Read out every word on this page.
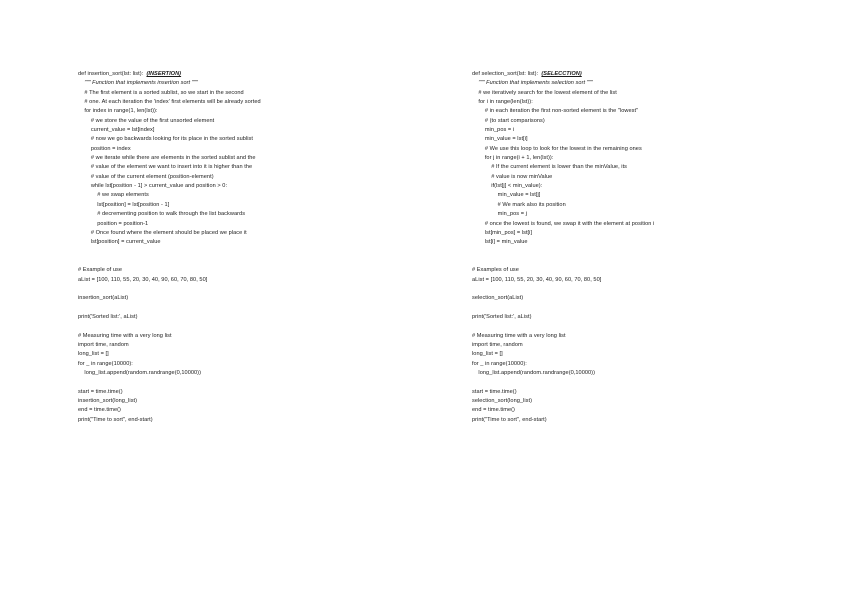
def insertion_sort(lst: list): (INSERTION)
""" Function that implements insertion sort """
# The first element is a sorted sublist, so we start in the second
# one. At each iteration the 'index' first elements will be already sorted
for index in range(1, len(lst)):
# we store the value of the first unsorted element
current_value = lst[index]
# now we go backwards looking for its place in the sorted sublist
position = index
# we iterate while there are elements in the sorted sublist and the
# value of the element we want to insert into it is higher than the
# value of the current element (position-element)
while lst[position - 1] > current_value and position > 0:
# we swap elements
lst[position] = lst[position - 1]
# decrementing position to walk through the list backwards
position = position-1
# Once found where the element should be placed we place it
lst[position] = current_value
# Example of use
aList = [100, 110, 55, 20, 30, 40, 90, 60, 70, 80, 50]
insertion_sort(aList)
print('Sorted list:', aList)
# Measuring time with a very long list
import time, random
long_list = []
for _ in range(10000):
long_list.append(random.randrange(0,10000))
start = time.time()
insertion_sort(long_list)
end = time.time()
print("Time to sort", end-start)
def selection_sort(lst: list): (SELECCTION)
""" Function that implements selection sort """
# we iteratively search for the lowest element of the list
for i in range(len(lst)):
# in each iteration the first non-sorted element is the "lowest"
# (to start comparisons)
min_pos = i
min_value = lst[i]
# We use this loop to look for the lowest in the remaining ones
for j in range(i + 1, len(lst)):
# If the current element is lower than the minValue, its
# value is now minValue
if(lst[j] < min_value):
min_value = lst[j]
# We mark also its position
min_pos = j
# once the lowest is found, we swap it with the element at position i
lst[min_pos] = lst[i]
lst[i] = min_value
# Examples of use
aList = [100, 110, 55, 20, 30, 40, 90, 60, 70, 80, 50]
selection_sort(aList)
print('Sorted list:', aList)
# Measuring time with a very long list
import time, random
long_list = []
for _ in range(10000):
long_list.append(random.randrange(0,10000))
start = time.time()
selection_sort(long_list)
end = time.time()
print("Time to sort", end-start)
